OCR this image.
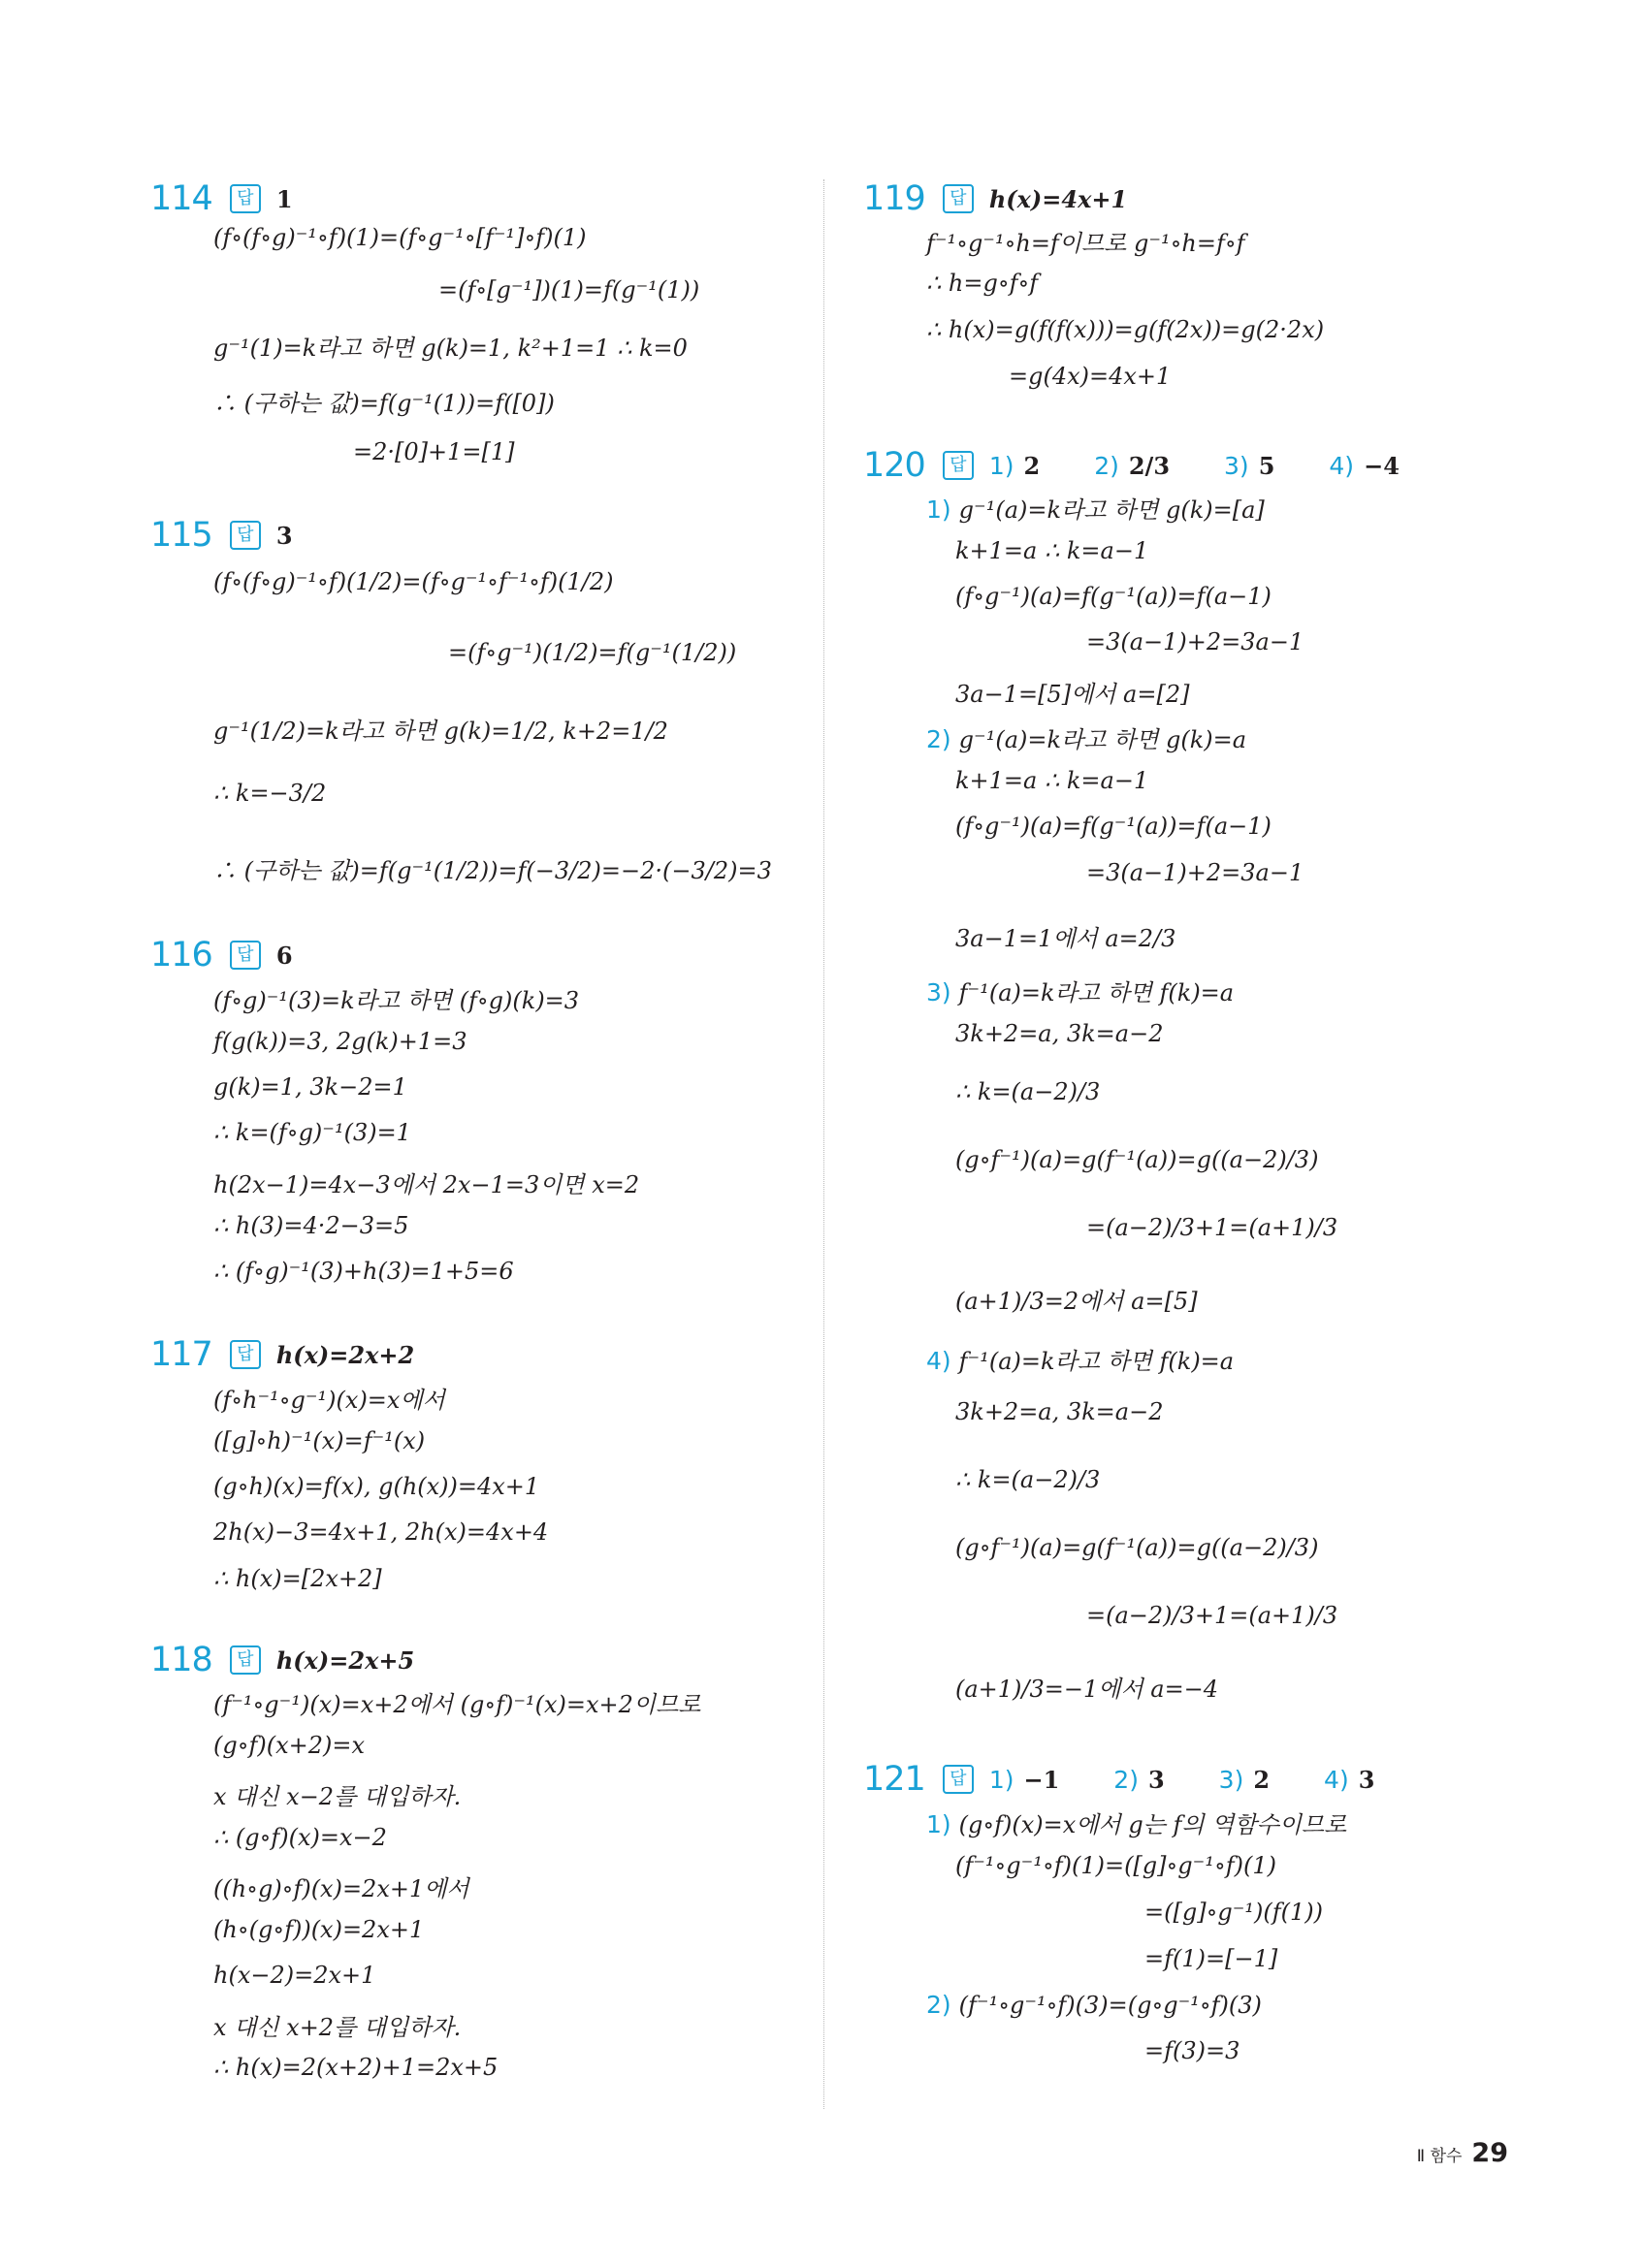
Ⅱ 함수 29
114	답 1
(f∘(f∘g)⁻¹∘f)(1)=(f∘g⁻¹∘[f⁻¹]∘f)(1)
=(f∘[g⁻¹])(1)=f(g⁻¹(1))
g⁻¹(1)=k라고 하면 g(k)=1, k²+1=1 ∴ k=0
∴ (구하는 값)=f(g⁻¹(1))=f([0])
=2·[0]+1=[1]
115	답 3
(f∘(f∘g)⁻¹∘f)(1/2)=(f∘g⁻¹∘f⁻¹∘f)(1/2)
=(f∘g⁻¹)(1/2)=f(g⁻¹(1/2))
g⁻¹(1/2)=k라고 하면 g(k)=1/2, k+2=1/2
∴ k=−3/2
∴ (구하는 값)=f(g⁻¹(1/2))=f(−3/2)=−2·(−3/2)=3
116	답 6
(f∘g)⁻¹(3)=k라고 하면 (f∘g)(k)=3
f(g(k))=3, 2g(k)+1=3
g(k)=1, 3k−2=1
∴ k=(f∘g)⁻¹(3)=1
h(2x−1)=4x−3에서 2x−1=3이면 x=2
∴ h(3)=4·2−3=5
∴ (f∘g)⁻¹(3)+h(3)=1+5=6
117	답 h(x)=2x+2
(f∘h⁻¹∘g⁻¹)(x)=x에서
([g]∘h)⁻¹(x)=f⁻¹(x)
(g∘h)(x)=f(x), g(h(x))=4x+1
2h(x)−3=4x+1, 2h(x)=4x+4
∴ h(x)=[2x+2]
118	답 h(x)=2x+5
(f⁻¹∘g⁻¹)(x)=x+2에서 (g∘f)⁻¹(x)=x+2이므로
(g∘f)(x+2)=x
x 대신 x−2를 대입하자.
∴ (g∘f)(x)=x−2
((h∘g)∘f)(x)=2x+1에서
(h∘(g∘f))(x)=2x+1
h(x−2)=2x+1
x 대신 x+2를 대입하자.
∴ h(x)=2(x+2)+1=2x+5
119	답 h(x)=4x+1
f⁻¹∘g⁻¹∘h=f이므로 g⁻¹∘h=f∘f
∴ h=g∘f∘f
∴ h(x)=g(f(f(x)))=g(f(2x))=g(2·2x)
=g(4x)=4x+1
120	답 1) 2 2) 2/3 3) 5 4) −4
1) g⁻¹(a)=k라고 하면 g(k)=[a]
k+1=a ∴ k=a−1
(f∘g⁻¹)(a)=f(g⁻¹(a))=f(a−1)
=3(a−1)+2=3a−1
3a−1=[5]에서 a=[2]
2) g⁻¹(a)=k라고 하면 g(k)=a
k+1=a ∴ k=a−1
(f∘g⁻¹)(a)=f(g⁻¹(a))=f(a−1)
=3(a−1)+2=3a−1
3a−1=1에서 a=2/3
3) f⁻¹(a)=k라고 하면 f(k)=a
3k+2=a, 3k=a−2
∴ k=(a−2)/3
(g∘f⁻¹)(a)=g(f⁻¹(a))=g((a−2)/3)
=(a−2)/3+1=(a+1)/3
(a+1)/3=2에서 a=[5]
4) f⁻¹(a)=k라고 하면 f(k)=a
3k+2=a, 3k=a−2
∴ k=(a−2)/3
(g∘f⁻¹)(a)=g(f⁻¹(a))=g((a−2)/3)
=(a−2)/3+1=(a+1)/3
(a+1)/3=−1에서 a=−4
121	답 1) −1 2) 3 3) 2 4) 3
1) (g∘f)(x)=x에서 g는 f의 역함수이므로
(f⁻¹∘g⁻¹∘f)(1)=([g]∘g⁻¹∘f)(1)
=([g]∘g⁻¹)(f(1))
=f(1)=[−1]
2) (f⁻¹∘g⁻¹∘f)(3)=(g∘g⁻¹∘f)(3)
=f(3)=3
